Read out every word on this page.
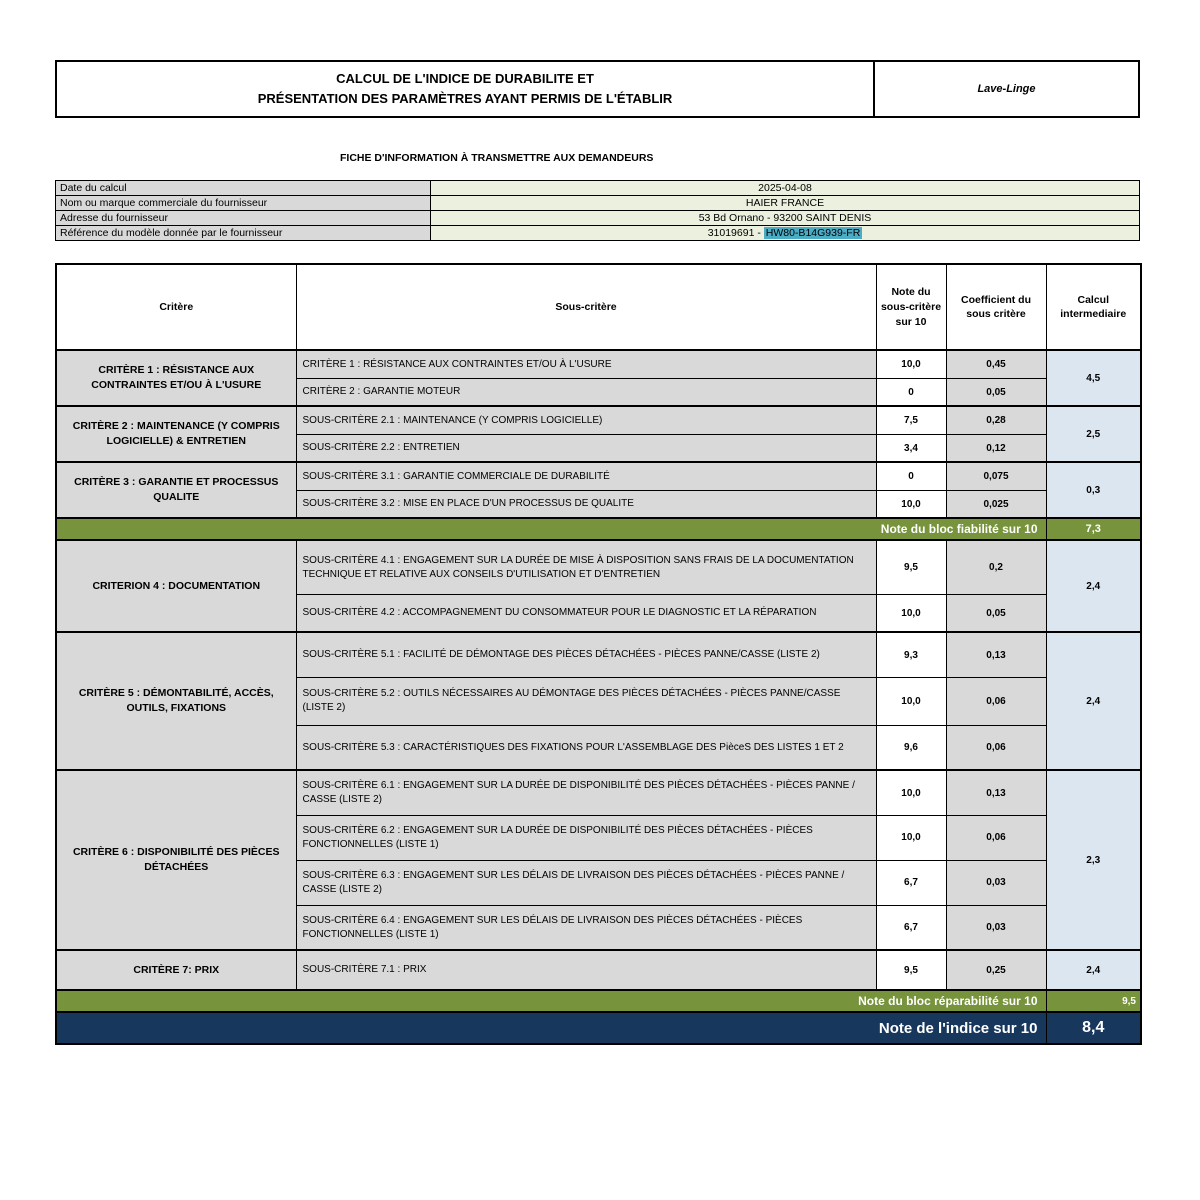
CALCUL DE L'INDICE DE DURABILITE ET
PRÉSENTATION DES PARAMÈTRES AYANT PERMIS DE L'ÉTABLIR
Lave-Linge
FICHE D'INFORMATION À TRANSMETTRE AUX DEMANDEURS
Date du calcul	2025-04-08
Nom ou marque commerciale du fournisseur	HAIER FRANCE
Adresse du fournisseur	53 Bd Ornano - 93200 SAINT DENIS
Référence du modèle donnée par le fournisseur	31019691 - HW80-B14G939-FR
Critère	Sous-critère	Note du sous-critère sur 10	Coefficient du sous critère	Calcul intermediaire
CRITÈRE 1 : RÉSISTANCE AUX CONTRAINTES ET/OU À L'USURE	CRITÈRE 1 : RÉSISTANCE AUX CONTRAINTES ET/OU À L'USURE	10,0	0,45	4,5
	CRITÈRE 2 : GARANTIE MOTEUR	0	0,05	
CRITÈRE 2 : MAINTENANCE (Y COMPRIS LOGICIELLE) & ENTRETIEN	SOUS-CRITÈRE 2.1 : MAINTENANCE (Y COMPRIS LOGICIELLE)	7,5	0,28	2,5
	SOUS-CRITÈRE 2.2 : ENTRETIEN	3,4	0,12	
CRITÈRE 3 : GARANTIE ET PROCESSUS QUALITE	SOUS-CRITÈRE 3.1 : GARANTIE COMMERCIALE DE DURABILITÉ	0	0,075	0,3
	SOUS-CRITÈRE 3.2 : MISE EN PLACE D'UN PROCESSUS DE QUALITE	10,0	0,025	
Note du bloc fiabilité sur 10				7,3
CRITERION 4 : DOCUMENTATION	SOUS-CRITÈRE 4.1 : ENGAGEMENT SUR LA DURÉE DE MISE À DISPOSITION SANS FRAIS DE LA DOCUMENTATION TECHNIQUE ET RELATIVE AUX CONSEILS D'UTILISATION ET D'ENTRETIEN	9,5	0,2	2,4
	SOUS-CRITÈRE 4.2 : ACCOMPAGNEMENT DU CONSOMMATEUR POUR LE DIAGNOSTIC ET LA RÉPARATION	10,0	0,05	
CRITÈRE 5 : DÉMONTABILITÉ, ACCÈS, OUTILS, FIXATIONS	SOUS-CRITÈRE 5.1 : FACILITÉ DE DÉMONTAGE DES PIÈCES DÉTACHÉES - PIÈCES PANNE/CASSE (LISTE 2)	9,3	0,13	2,4
	SOUS-CRITÈRE 5.2 : OUTILS NÉCESSAIRES AU DÉMONTAGE DES PIÈCES DÉTACHÉES - PIÈCES PANNE/CASSE (LISTE 2)	10,0	0,06	
	SOUS-CRITÈRE 5.3 : CARACTÉRISTIQUES DES FIXATIONS POUR L'ASSEMBLAGE DES PièceS DES LISTES 1 ET 2	9,6	0,06	
CRITÈRE 6 : DISPONIBILITÉ DES PIÈCES DÉTACHÉES	SOUS-CRITÈRE 6.1 : ENGAGEMENT SUR LA DURÉE DE DISPONIBILITÉ DES PIÈCES DÉTACHÉES - PIÈCES PANNE / CASSE (LISTE 2)	10,0	0,13	2,3
	SOUS-CRITÈRE 6.2 : ENGAGEMENT SUR LA DURÉE DE DISPONIBILITÉ DES PIÈCES DÉTACHÉES - PIÈCES FONCTIONNELLES (LISTE 1)	10,0	0,06	
	SOUS-CRITÈRE 6.3 : ENGAGEMENT SUR LES DÉLAIS DE LIVRAISON DES PIÈCES DÉTACHÉES - PIÈCES PANNE / CASSE (LISTE 2)	6,7	0,03	
	SOUS-CRITÈRE 6.4 : ENGAGEMENT SUR LES DÉLAIS DE LIVRAISON DES PIÈCES DÉTACHÉES - PIÈCES FONCTIONNELLES (LISTE 1)	6,7	0,03	
CRITÈRE 7: PRIX	SOUS-CRITÈRE 7.1 : PRIX	9,5	0,25	2,4
Note du bloc réparabilité sur 10				9,5
Note de l'indice sur 10				8,4
